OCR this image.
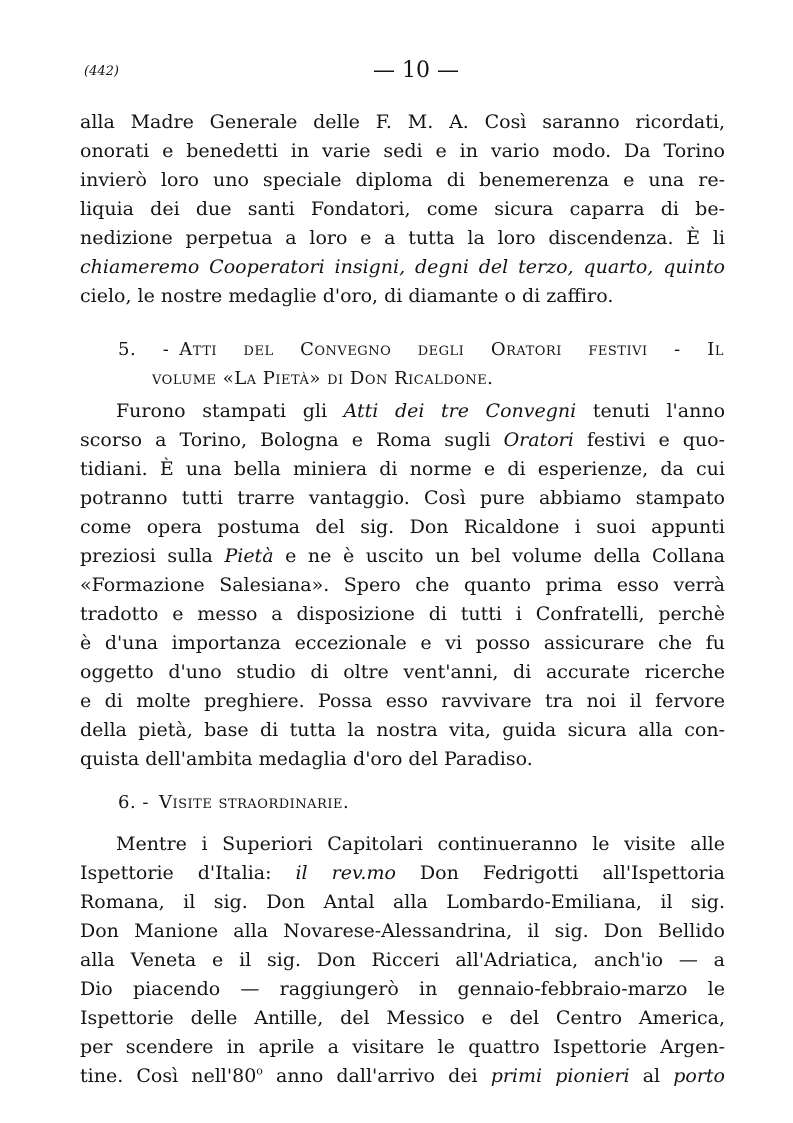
(442)	— 10 —
alla Madre Generale delle F. M. A. Così saranno ricordati,
onorati e benedetti in varie sedi e in vario modo. Da Torino
invierò loro uno speciale diploma di benemerenza e una re-
liquia dei due santi Fondatori, come sicura caparra di be-
nedizione perpetua a loro e a tutta la loro discendenza. È li
chiameremo Cooperatori insigni, degni del terzo, quarto, quinto
cielo, le nostre medaglie d'oro, di diamante o di zaffiro.
5. - Atti del Convegno degli Oratori festivi - Il
volume «La Pietà» di Don Ricaldone.
Furono stampati gli Atti dei tre Convegni tenuti l'anno
scorso a Torino, Bologna e Roma sugli Oratori festivi e quo-
tidiani. È una bella miniera di norme e di esperienze, da cui
potranno tutti trarre vantaggio. Così pure abbiamo stampato
come opera postuma del sig. Don Ricaldone i suoi appunti
preziosi sulla Pietà e ne è uscito un bel volume della Collana
«Formazione Salesiana». Spero che quanto prima esso verrà
tradotto e messo a disposizione di tutti i Confratelli, perchè
è d'una importanza eccezionale e vi posso assicurare che fu
oggetto d'uno studio di oltre vent'anni, di accurate ricerche
e di molte preghiere. Possa esso ravvivare tra noi il fervore
della pietà, base di tutta la nostra vita, guida sicura alla con-
quista dell'ambita medaglia d'oro del Paradiso.
6. - Visite straordinarie.
Mentre i Superiori Capitolari continueranno le visite alle
Ispettorie d'Italia: il rev.mo Don Fedrigotti all'Ispettoria
Romana, il sig. Don Antal alla Lombardo-Emiliana, il sig.
Don Manione alla Novarese-Alessandrina, il sig. Don Bellido
alla Veneta e il sig. Don Ricceri all'Adriatica, anch'io — a
Dio piacendo — raggiungerò in gennaio-febbraio-marzo le
Ispettorie delle Antille, del Messico e del Centro America,
per scendere in aprile a visitare le quattro Ispettorie Argen-
tine. Così nell'80$^o$ anno dall'arrivo dei primi pionieri al porto
